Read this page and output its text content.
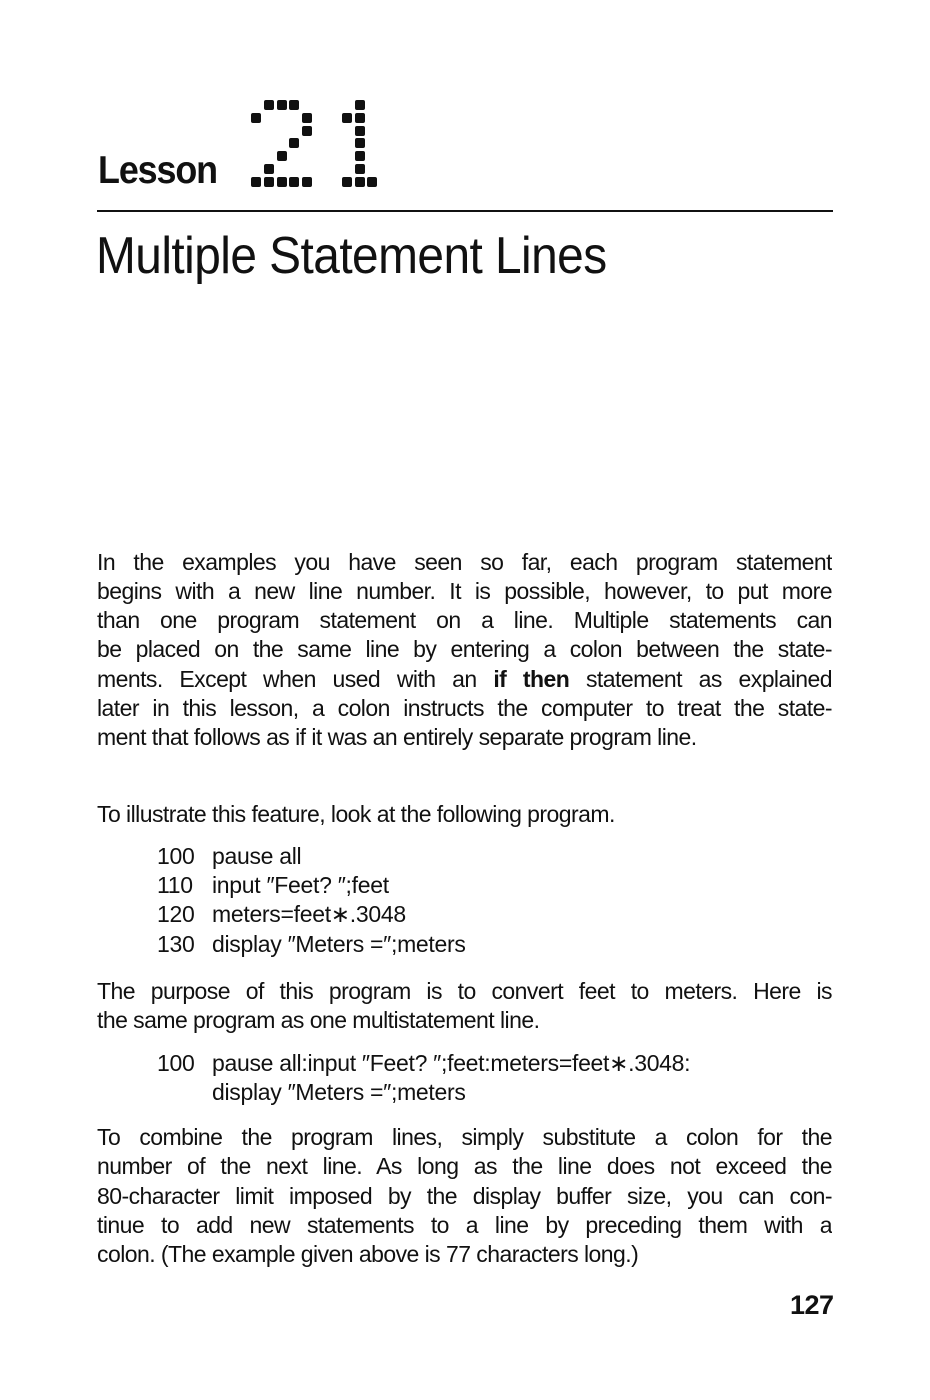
Lesson
Multiple Statement Lines
In the examples you have seen so far, each program statement
begins with a new line number. It is possible, however, to put more
than one program statement on a line. Multiple statements can
be placed on the same line by entering a colon between the state-
ments. Except when used with an if then statement as explained
later in this lesson, a colon instructs the computer to treat the state-
ment that follows as if it was an entirely separate program line.
To illustrate this feature, look at the following program.
100 pause all
110 input ″Feet? ″;feet
120 meters=feet∗.3048
130 display ″Meters =″;meters
The purpose of this program is to convert feet to meters. Here is
the same program as one multistatement line.
100 pause all:input ″Feet? ″;feet:meters=feet∗.3048:
display ″Meters =″;meters
To combine the program lines, simply substitute a colon for the
number of the next line. As long as the line does not exceed the
80-character limit imposed by the display buffer size, you can con-
tinue to add new statements to a line by preceding them with a
colon. (The example given above is 77 characters long.)
127
